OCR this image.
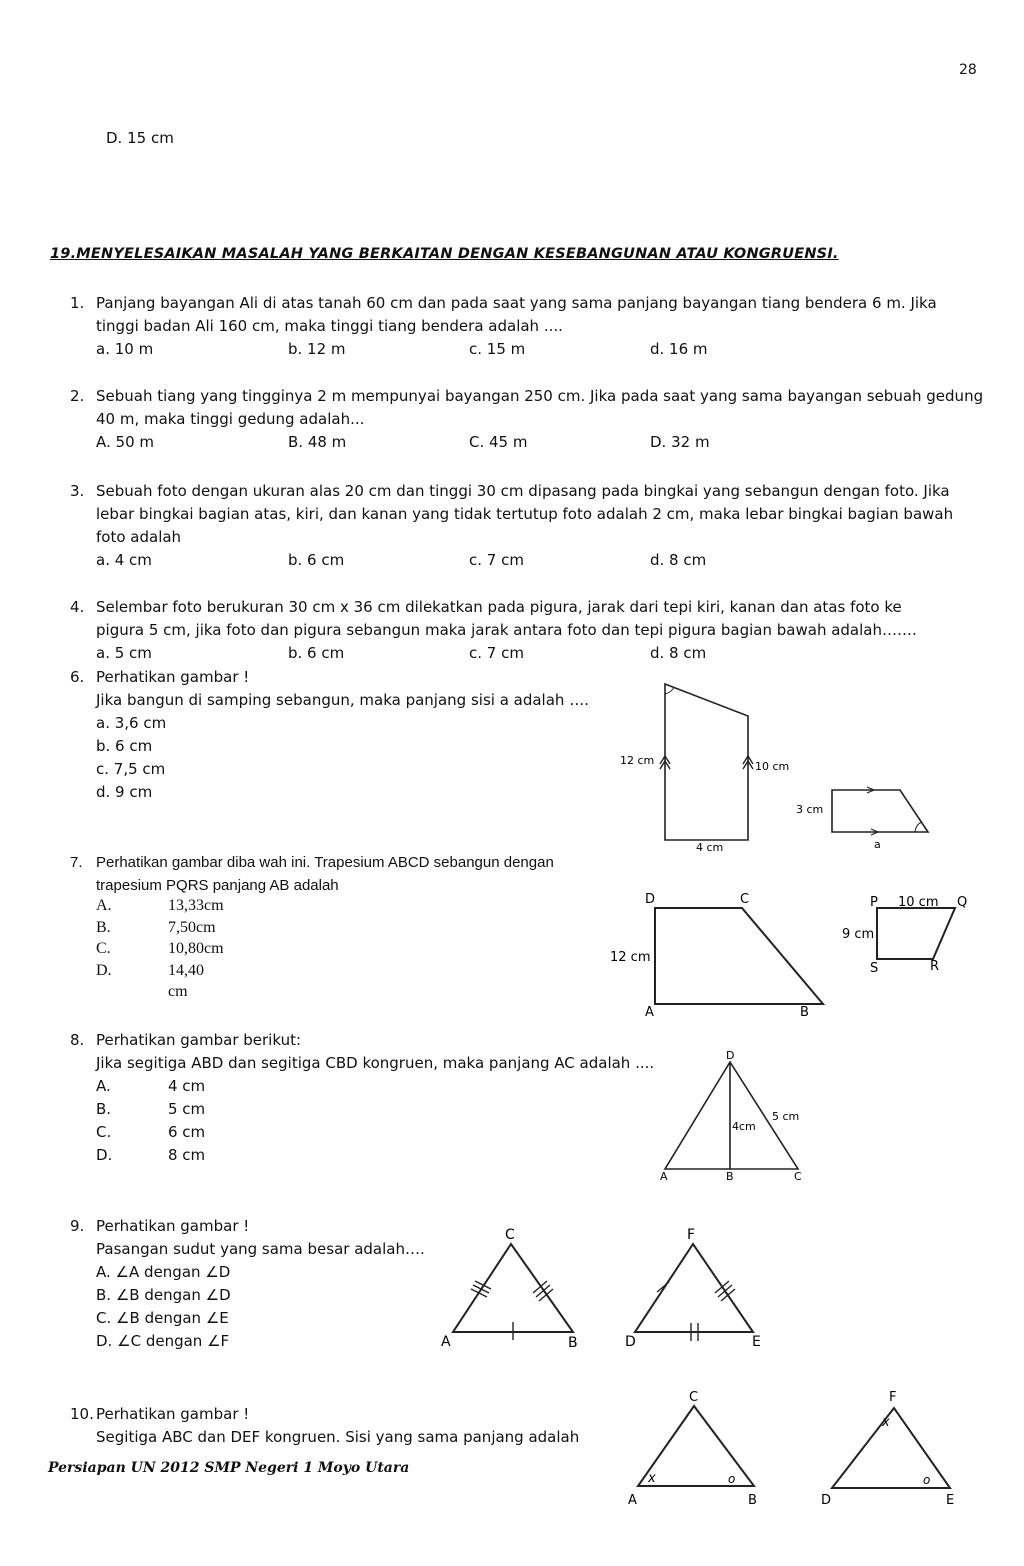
28
D. 15 cm
19.MENYELESAIKAN MASALAH YANG BERKAITAN DENGAN KESEBANGUNAN ATAU KONGRUENSI.
1. Panjang bayangan Ali di atas tanah 60 cm dan pada saat yang sama panjang bayangan tiang bendera 6 m. Jika
tinggi badan Ali 160 cm, maka tinggi tiang bendera adalah ....
a. 10 m	b. 12 m	c. 15 m	d. 16 m
2. Sebuah tiang yang tingginya 2 m mempunyai bayangan 250 cm. Jika pada saat yang sama bayangan sebuah gedung
40 m, maka tinggi gedung adalah...
A. 50 m	B. 48 m	C. 45 m	D. 32 m
3. Sebuah foto dengan ukuran alas 20 cm dan tinggi 30 cm dipasang pada bingkai yang sebangun dengan foto. Jika
lebar bingkai bagian atas, kiri, dan kanan yang tidak tertutup foto adalah 2 cm, maka lebar bingkai bagian bawah
foto adalah
a. 4 cm	b. 6 cm	c. 7 cm	d. 8 cm
4. Selembar foto berukuran 30 cm x 36 cm dilekatkan pada pigura, jarak dari tepi kiri, kanan dan atas foto ke
pigura 5 cm, jika foto dan pigura sebangun maka jarak antara foto dan tepi pigura bagian bawah adalah…….
a. 5 cm	b. 6 cm	c. 7 cm	d. 8 cm
6. Perhatikan gambar !
Jika bangun di samping sebangun, maka panjang sisi a adalah ….
a. 3,6 cm
b. 6 cm
c. 7,5 cm
d. 9 cm
12 cm	10 cm
4 cm
3 cm
a
7. Perhatikan gambar diba wah ini. Trapesium ABCD sebangun dengan
trapesium PQRS panjang AB adalah
A.	13,33cm
B.	7,50cm
C.	10,80cm
D.	14,40 cm
D	C
A	B
12 cm
P	Q
S	R
10 cm
9 cm
8. Perhatikan gambar berikut:
Jika segitiga ABD dan segitiga CBD kongruen, maka panjang AC adalah ....
A.	4 cm
B.	5 cm
C.	6 cm
D.	8 cm
D
A	B	C
4cm
5 cm
9. Perhatikan gambar !
Pasangan sudut yang sama besar adalah….
A. ∠A dengan ∠D
B. ∠B dengan ∠D
C. ∠B dengan ∠E
D. ∠C dengan ∠F
C
A	B
F
D	E
10. Perhatikan gambar !
Segitiga ABC dan DEF kongruen. Sisi yang sama panjang adalah
C
A	B
x	o
F
D	E
x
o
Persiapan UN 2012 SMP Negeri 1 Moyo Utara
